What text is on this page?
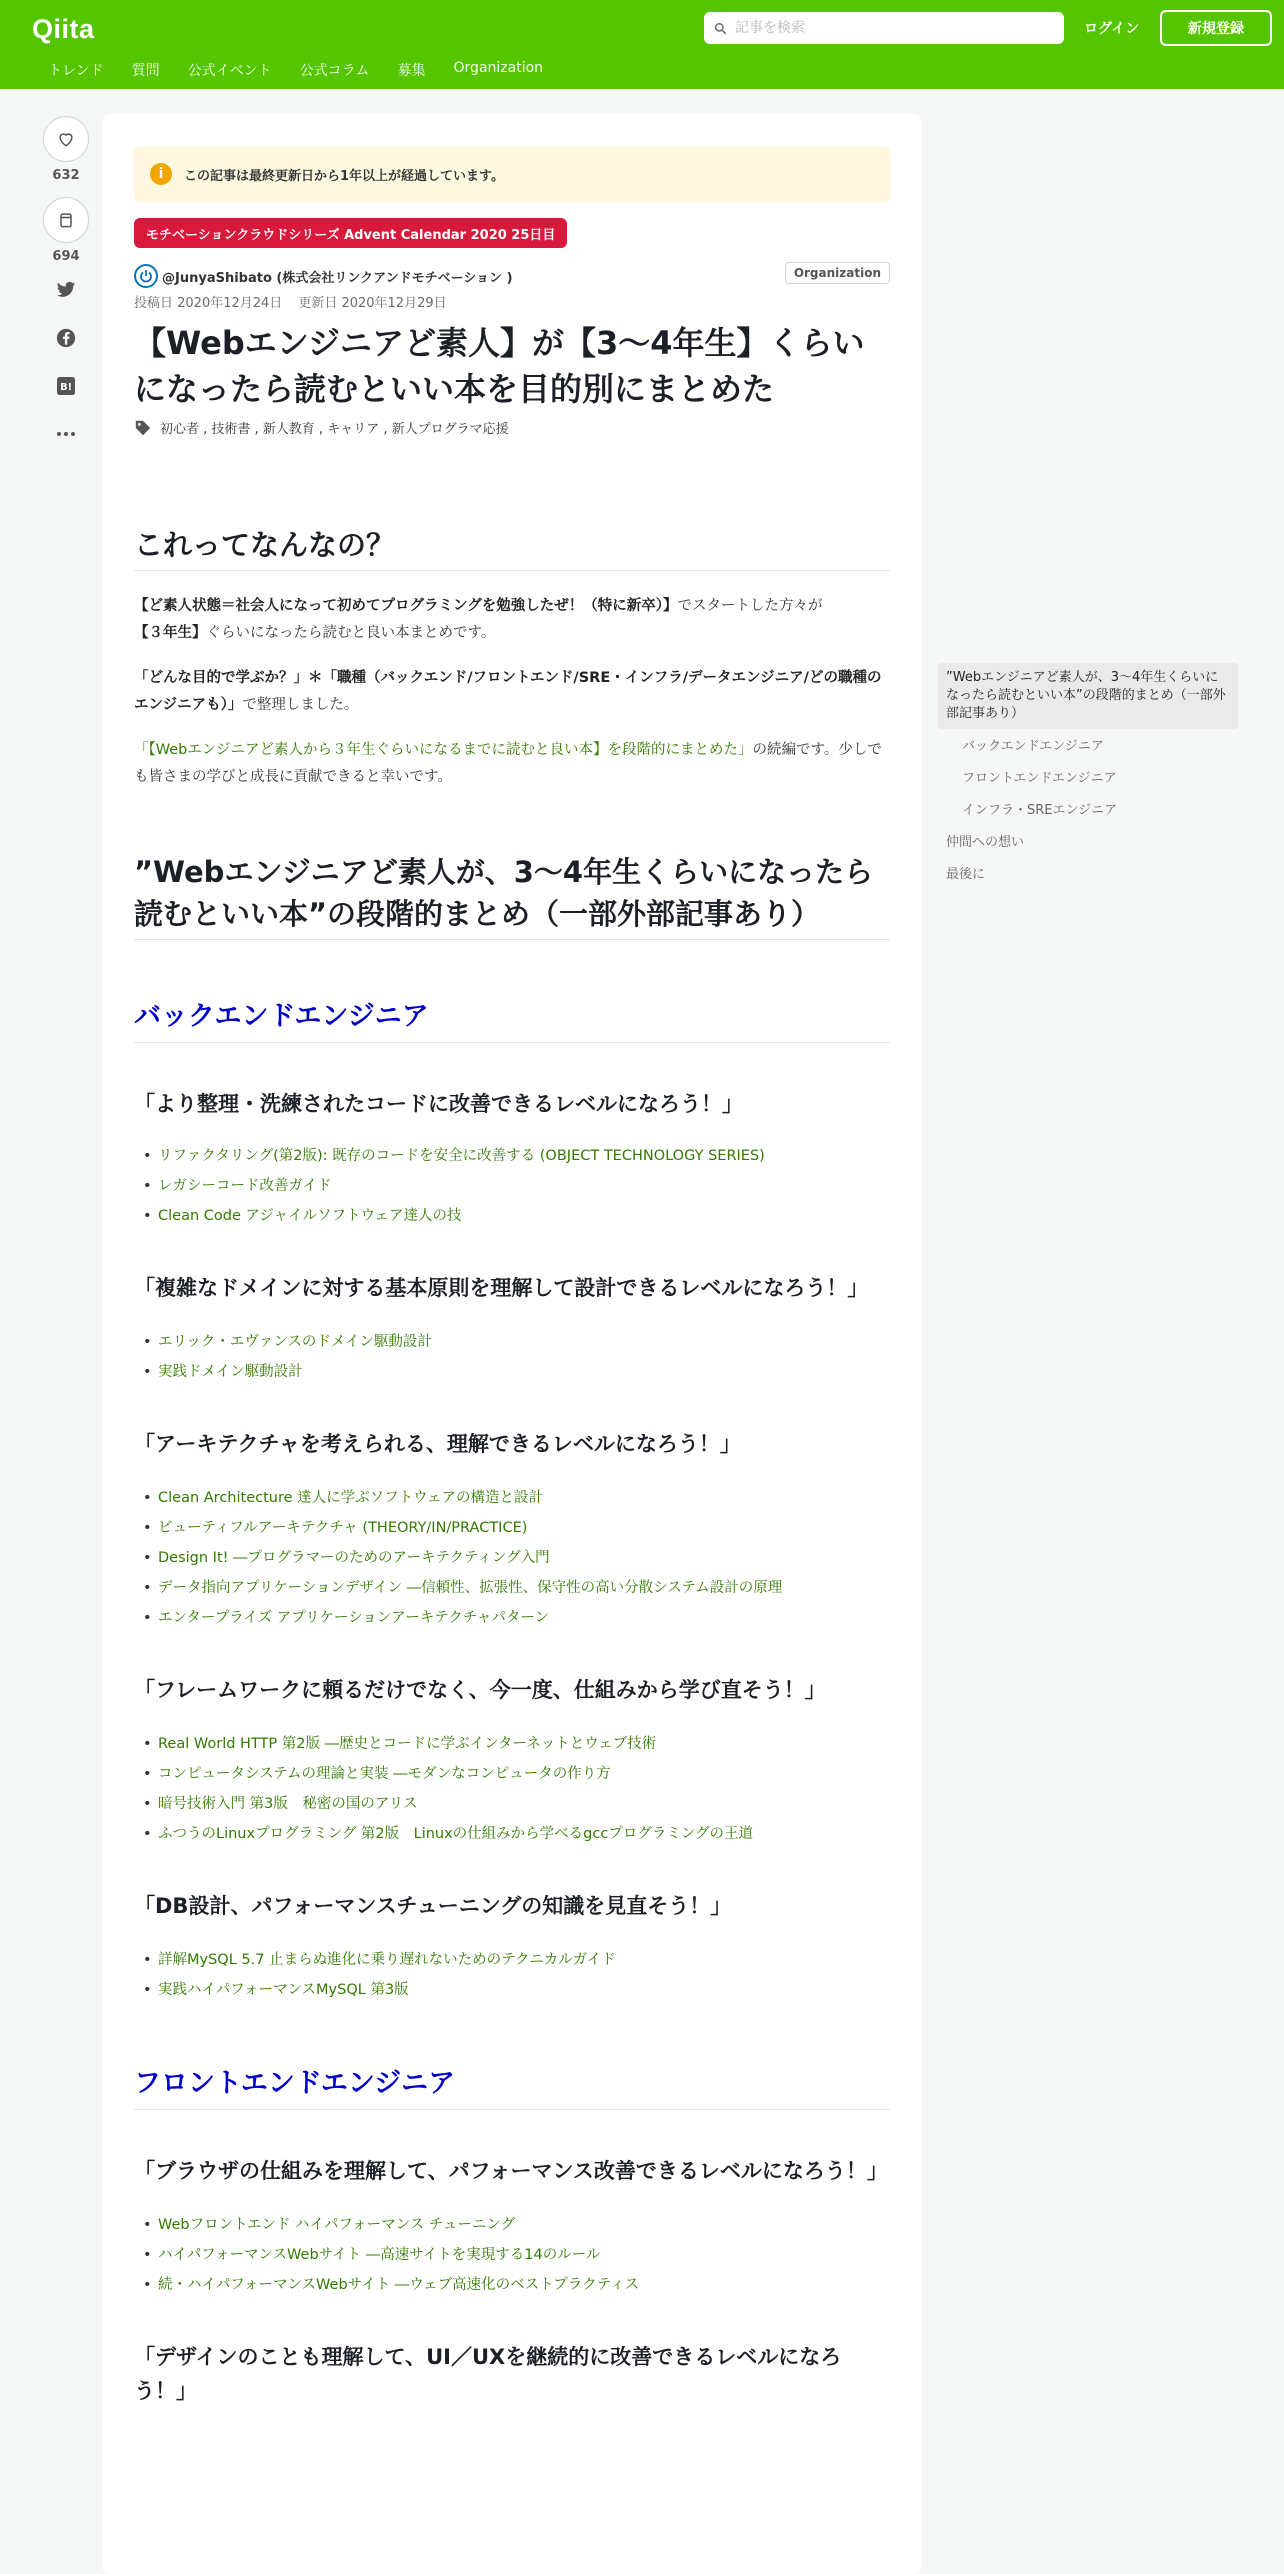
Qiita
記事を検索	ログイン	新規登録
トレンド 質問 公式イベント 公式コラム 募集 Organization
632
694
B!
i	この記事は最終更新日から1年以上が経過しています。
モチベーションクラウドシリーズ Advent Calendar 2020 25日目
@JunyaShibato (株式会社リンクアンドモチベーション )	Organization
投稿日 2020年12月24日 更新日 2020年12月29日
【Webエンジニアど素人】が【3〜4年生】くらいになったら読むといい本を目的別にまとめた
初心者 , 技術書 , 新人教育 , キャリア , 新人プログラマ応援
これってなんなの？

【ど素人状態＝社会人になって初めてプログラミングを勉強したぜ！（特に新卒）】でスタートした方々が【３年生】ぐらいになったら読むと良い本まとめです。

「どんな目的で学ぶか？」＊「職種（バックエンド/フロントエンド/SRE・インフラ/データエンジニア/どの職種のエンジニアも）」で整理しました。

「【Webエンジニアど素人から３年生ぐらいになるまでに読むと良い本】を段階的にまとめた」の続編です。少しでも皆さまの学びと成長に貢献できると幸いです。

”Webエンジニアど素人が、3〜4年生くらいになったら読むといい本”の段階的まとめ（一部外部記事あり）
バックエンドエンジニア
「より整理・洗練されたコードに改善できるレベルになろう！」
• リファクタリング(第2版): 既存のコードを安全に改善する (OBJECT TECHNOLOGY SERIES)
• レガシーコード改善ガイド
• Clean Code アジャイルソフトウェア達人の技
「複雑なドメインに対する基本原則を理解して設計できるレベルになろう！」
• エリック・エヴァンスのドメイン駆動設計
• 実践ドメイン駆動設計
「アーキテクチャを考えられる、理解できるレベルになろう！」
• Clean Architecture 達人に学ぶソフトウェアの構造と設計
• ビューティフルアーキテクチャ (THEORY/IN/PRACTICE)
• Design It! ―プログラマーのためのアーキテクティング入門
• データ指向アプリケーションデザイン ―信頼性、拡張性、保守性の高い分散システム設計の原理
• エンタープライズ アプリケーションアーキテクチャパターン
「フレームワークに頼るだけでなく、今一度、仕組みから学び直そう！」
• Real World HTTP 第2版 ―歴史とコードに学ぶインターネットとウェブ技術
• コンピュータシステムの理論と実装 ―モダンなコンピュータの作り方
• 暗号技術入門 第3版　秘密の国のアリス
• ふつうのLinuxプログラミング 第2版　Linuxの仕組みから学べるgccプログラミングの王道
「DB設計、パフォーマンスチューニングの知識を見直そう！」
• 詳解MySQL 5.7 止まらぬ進化に乗り遅れないためのテクニカルガイド
• 実践ハイパフォーマンスMySQL 第3版
フロントエンドエンジニア
「ブラウザの仕組みを理解して、パフォーマンス改善できるレベルになろう！」
• Webフロントエンド ハイパフォーマンス チューニング
• ハイパフォーマンスWebサイト ―高速サイトを実現する14のルール
• 続・ハイパフォーマンスWebサイト ―ウェブ高速化のベストプラクティス
「デザインのことも理解して、UI／UXを継続的に改善できるレベルになろう！」
”Webエンジニアど素人が、3〜4年生くらいになったら読むといい本”の段階的まとめ（一部外部記事あり）
バックエンドエンジニア
フロントエンドエンジニア
インフラ・SREエンジニア
仲間への想い
最後に
